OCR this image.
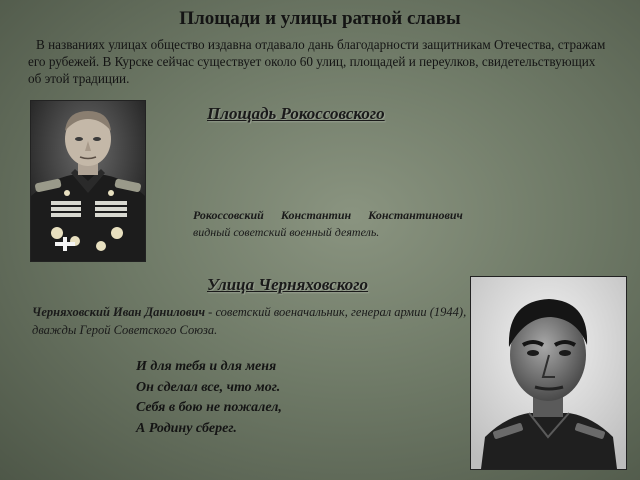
Площади и улицы ратной славы
В названиях улицах общество издавна отдавало дань благодарности защитникам Отечества, стражам его рубежей. В Курске сейчас существует около 60 улиц, площадей и переулков, свидетельствующих об этой традиции.
Площадь Рокоссовского
Рокоссовский Константин Константинович
видный советский военный деятель.
Улица Черняховского
Черняховский Иван Данилович - советский военачальник, генерал армии (1944), дважды Герой Советского Союза.
И для тебя и для меня
Он сделал все, что мог.
Себя в бою не пожалел,
А Родину сберег.
